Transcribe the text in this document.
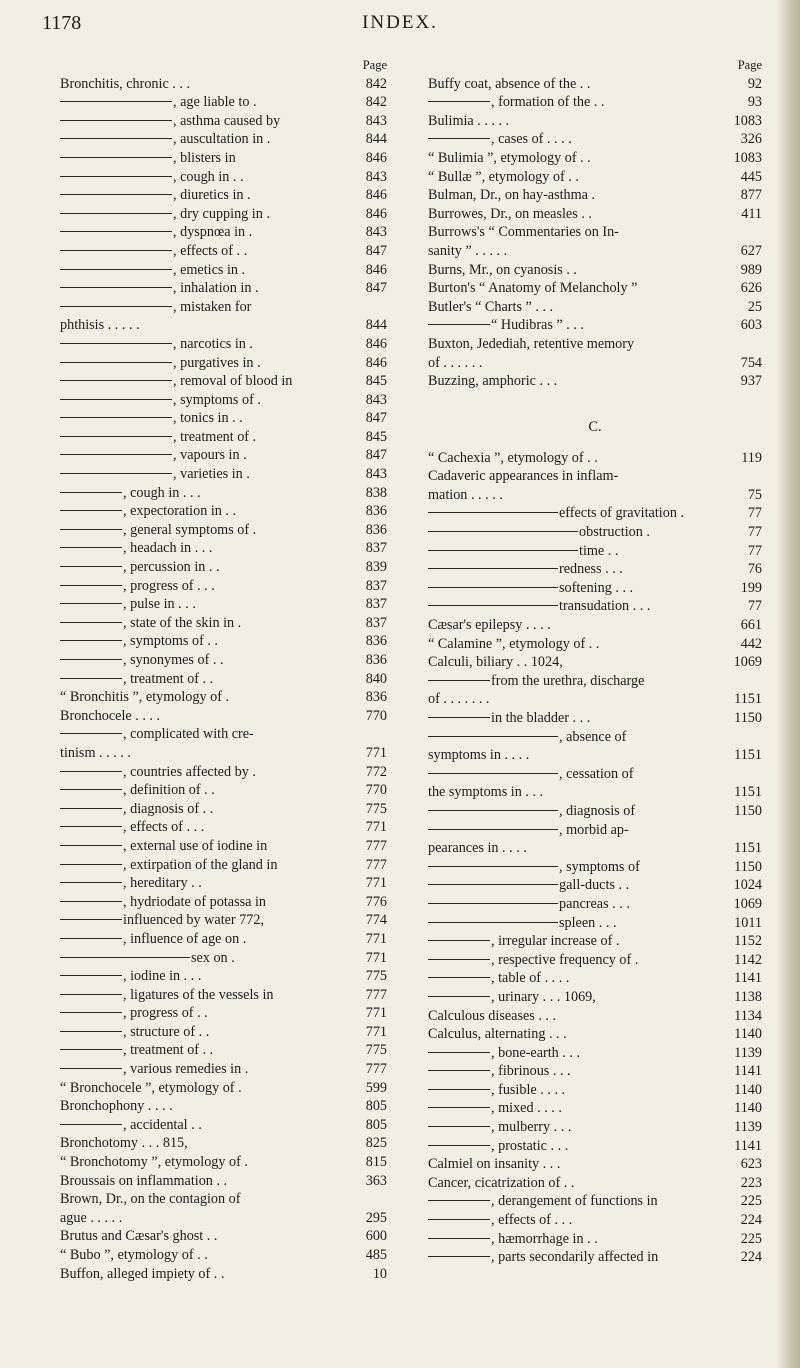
1178	INDEX.
Page
Bronchitis, chronic . . .	842
, age liable to .	842
, asthma caused by	843
, auscultation in .	844
, blisters in	846
, cough in . .	843
, diuretics in .	846
, dry cupping in .	846
, dyspnœa in .	843
, effects of . .	847
, emetics in .	846
, inhalation in .	847
, mistaken for
phthisis . . . . .	844
, narcotics in .	846
, purgatives in .	846
, removal of blood in	845
, symptoms of .	843
, tonics in . .	847
, treatment of .	845
, vapours in .	847
, varieties in .	843
, cough in . . .	838
, expectoration in . .	836
, general symptoms of .	836
, headach in . . .	837
, percussion in . .	839
, progress of . . .	837
, pulse in . . .	837
, state of the skin in .	837
, symptoms of . .	836
, synonymes of . .	836
, treatment of . .	840
“ Bronchitis ”, etymology of .	836
Bronchocele . . . .	770
, complicated with cre-
tinism . . . . .	771
, countries affected by .	772
, definition of . .	770
, diagnosis of . .	775
, effects of . . .	771
, external use of iodine in	777
, extirpation of the gland in	777
, hereditary . .	771
, hydriodate of potassa in	776
influenced by water 772,	774
, influence of age on .	771
sex on .	771
, iodine in . . .	775
, ligatures of the vessels in	777
, progress of . .	771
, structure of . .	771
, treatment of . .	775
, various remedies in .	777
“ Bronchocele ”, etymology of .	599
Bronchophony . . . .	805
, accidental . .	805
Bronchotomy . . . 815,	825
“ Bronchotomy ”, etymology of .	815
Broussais on inflammation . .	363
Brown, Dr., on the contagion of
ague . . . . .	295
Brutus and Cæsar's ghost . .	600
“ Bubo ”, etymology of . .	485
Buffon, alleged impiety of . .	10
Page
Buffy coat, absence of the . .	92
, formation of the . .	93
Bulimia . . . . .	1083
, cases of . . . .	326
“ Bulimia ”, etymology of . .	1083
“ Bullæ ”, etymology of . .	445
Bulman, Dr., on hay-asthma .	877
Burrowes, Dr., on measles . .	411
Burrows's “ Commentaries on In-
sanity ” . . . . .	627
Burns, Mr., on cyanosis . .	989
Burton's “ Anatomy of Melancholy ”	626
Butler's “ Charts ” . . .	25
“ Hudibras ” . . .	603
Buxton, Jedediah, retentive memory
of . . . . . .	754
Buzzing, amphoric . . .	937
C.
“ Cachexia ”, etymology of . .	119
Cadaveric appearances in inflam-
mation . . . . .	75
effects of gravitation .	77
obstruction .	77
time . .	77
redness . . .	76
softening . . .	199
transudation . . .	77
Cæsar's epilepsy . . . .	661
“ Calamine ”, etymology of . .	442
Calculi, biliary . . 1024,	1069
from the urethra, discharge
of . . . . . . .	1151
in the bladder . . .	1150
, absence of
symptoms in . . . .	1151
, cessation of
the symptoms in . . .	1151
, diagnosis of	1150
, morbid ap-
pearances in . . . .	1151
, symptoms of	1150
gall-ducts . .	1024
pancreas . . .	1069
spleen . . .	1011
, irregular increase of .	1152
, respective frequency of .	1142
, table of . . . .	1141
, urinary . . . 1069,	1138
Calculous diseases . . .	1134
Calculus, alternating . . .	1140
, bone-earth . . .	1139
, fibrinous . . .	1141
, fusible . . . .	1140
, mixed . . . .	1140
, mulberry . . .	1139
, prostatic . . .	1141
Calmiel on insanity . . .	623
Cancer, cicatrization of . .	223
, derangement of functions in	225
, effects of . . .	224
, hæmorrhage in . .	225
, parts secondarily affected in	224
